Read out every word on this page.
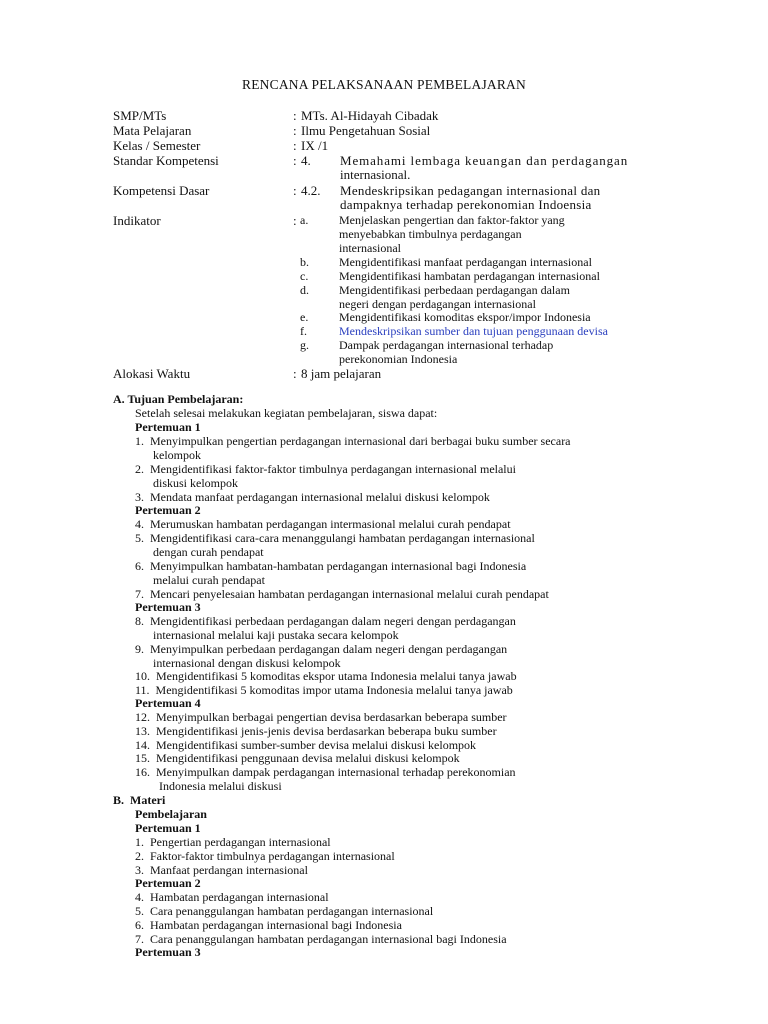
RENCANA PELAKSANAAN PEMBELAJARAN
SMP/MTs	: MTs. Al-Hidayah Cibadak
Mata Pelajaran	: Ilmu Pengetahuan Sosial
Kelas / Semester	: IX /1
Standar Kompetensi	: 4. Memahami lembaga keuangan dan perdagangan
internasional.
Kompetensi Dasar	: 4.2. Mendeskripsikan pedagangan internasional dan
dampaknya terhadap perekonomian Indoensia
Indikator	: a.	Menjelaskan pengertian dan faktor-faktor yang
menyebabkan timbulnya perdagangan
internasional
b.	Mengidentifikasi manfaat perdagangan internasional
c.	Mengidentifikasi hambatan perdagangan internasional
d.	Mengidentifikasi perbedaan perdagangan dalam
negeri dengan perdagangan internasional
e.	Mengidentifikasi komoditas ekspor/impor Indonesia
f.	Mendeskripsikan sumber dan tujuan penggunaan devisa
g.	Dampak perdagangan internasional terhadap
perekonomian Indonesia
Alokasi Waktu	: 8 jam pelajaran
A. Tujuan Pembelajaran:
Setelah selesai melakukan kegiatan pembelajaran, siswa dapat:
Pertemuan 1
1.  Menyimpulkan pengertian perdagangan internasional dari berbagai buku sumber secara
kelompok
2.  Mengidentifikasi faktor-faktor timbulnya perdagangan internasional melalui
diskusi kelompok
3.  Mendata manfaat perdagangan internasional melalui diskusi kelompok
Pertemuan 2
4.  Merumuskan hambatan perdagangan intermasional melalui curah pendapat
5.  Mengidentifikasi cara-cara menanggulangi hambatan perdagangan internasional
dengan curah pendapat
6.  Menyimpulkan hambatan-hambatan perdagangan internasional bagi Indonesia
melalui curah pendapat
7.  Mencari penyelesaian hambatan perdagangan internasional melalui curah pendapat
Pertemuan 3
8.  Mengidentifikasi perbedaan perdagangan dalam negeri dengan perdagangan
internasional melalui kaji pustaka secara kelompok
9.  Menyimpulkan perbedaan perdagangan dalam negeri dengan perdagangan
internasional dengan diskusi kelompok
10.  Mengidentifikasi 5 komoditas ekspor utama Indonesia melalui tanya jawab
11.  Mengidentifikasi 5 komoditas impor utama Indonesia melalui tanya jawab
Pertemuan 4
12.  Menyimpulkan berbagai pengertian devisa berdasarkan beberapa sumber
13.  Mengidentifikasi jenis-jenis devisa berdasarkan beberapa buku sumber
14.  Mengidentifikasi sumber-sumber devisa melalui diskusi kelompok
15.  Mengidentifikasi penggunaan devisa melalui diskusi kelompok
16.  Menyimpulkan dampak perdagangan internasional terhadap perekonomian
Indonesia melalui diskusi
B.  Materi
Pembelajaran
Pertemuan 1
1.  Pengertian perdagangan internasional
2.  Faktor-faktor timbulnya perdagangan internasional
3.  Manfaat perdangan internasional
Pertemuan 2
4.  Hambatan perdagangan internasional
5.  Cara penanggulangan hambatan perdagangan internasional
6.  Hambatan perdagangan internasional bagi Indonesia
7.  Cara penanggulangan hambatan perdagangan internasional bagi Indonesia
Pertemuan 3
